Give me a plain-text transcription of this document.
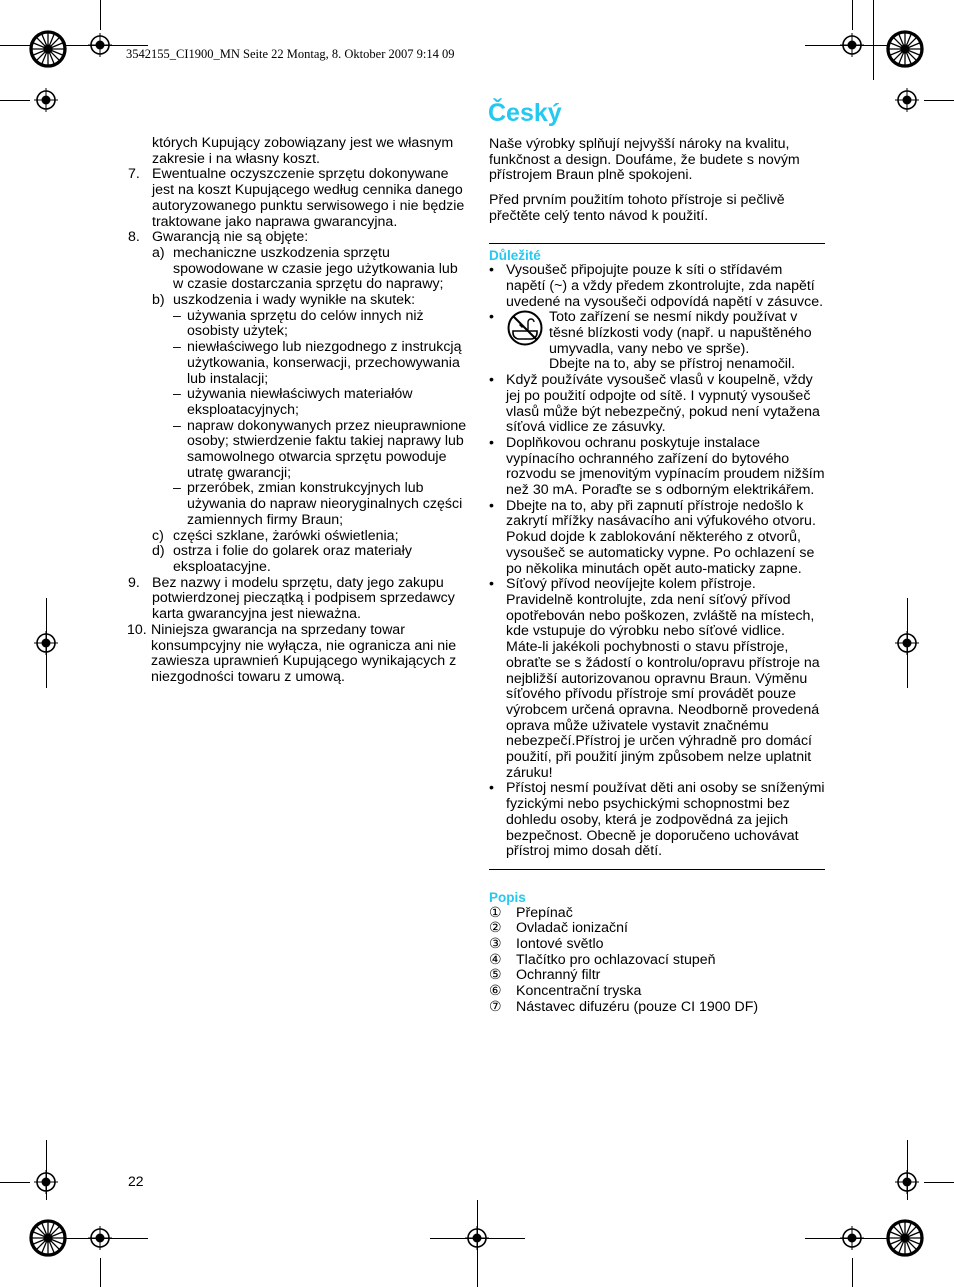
3542155_CI1900_MN Seite 22 Montag, 8. Oktober 2007 9:14 09
których Kupujący zobowiązany jest we własnym zakresie i na własny koszt.
7. Ewentualne oczyszczenie sprzętu dokonywane jest na koszt Kupującego według cennika danego autoryzowanego punktu serwisowego i nie będzie traktowane jako naprawa gwarancyjna.
8. Gwarancją nie są objęte:
a) mechaniczne uszkodzenia sprzętu spowodowane w czasie jego użytkowania lub w czasie dostarczania sprzętu do naprawy;
b) uszkodzenia i wady wynikłe na skutek:
– używania sprzętu do celów innych niż osobisty użytek;
– niewłaściwego lub niezgodnego z instrukcją użytkowania, konserwacji, przechowywania lub instalacji;
– używania niewłaściwych materiałów eksploatacyjnych;
– napraw dokonywanych przez nieuprawnione osoby; stwierdzenie faktu takiej naprawy lub samowolnego otwarcia sprzętu powoduje utratę gwarancji;
– przeróbek, zmian konstrukcyjnych lub używania do napraw nieoryginalnych części zamiennych firmy Braun;
c) części szklane, żarówki oświetlenia;
d) ostrza i folie do golarek oraz materiały eksploatacyjne.
9. Bez nazwy i modelu sprzętu, daty jego zakupu potwierdzonej pieczątką i podpisem sprzedawcy karta gwarancyjna jest nieważna.
10. Niniejsza gwarancja na sprzedany towar konsumpcyjny nie wyłącza, nie ogranicza ani nie zawiesza uprawnień Kupującego wynikających z niezgodności towaru z umową.
Český

Naše výrobky splňují nejvyšší nároky na kvalitu, funkčnost a design. Doufáme, že budete s novým přístrojem Braun plně spokojeni.

Před prvním použitím tohoto přístroje si pečlivě přečtěte celý tento návod k použití.

Důležité
• Vysoušeč připojujte pouze k síti o střídavém napětí (~) a vždy předem zkontrolujte, zda napětí uvedené na vysoušeči odpovídá napětí v zásuvce.
•	Toto zařízení se nesmí nikdy používat v těsné blízkosti vody (např. u napuštěného umyvadla, vany nebo ve sprše).
Dbejte na to, aby se přístroj nenamočil.
• Když používáte vysoušeč vlasů v koupelně, vždy jej po použití odpojte od sítě. I vypnutý vysoušeč vlasů může být nebezpečný, pokud není vytažena síťová vidlice ze zásuvky.
• Doplňkovou ochranu poskytuje instalace vypínacího ochranného zařízení do bytového rozvodu se jmenovitým vypínacím proudem nižším než 30 mA. Poraďte se s odborným elektrikářem.
• Dbejte na to, aby při zapnutí přístroje nedošlo k zakrytí mřížky nasávacího ani výfukového otvoru. Pokud dojde k zablokování některého z otvorů, vysoušeč se automaticky vypne. Po ochlazení se po několika minutách opět auto-maticky zapne.
• Síťový přívod neovíjejte kolem přístroje. Pravidelně kontrolujte, zda není síťový přívod opotřebován nebo poškozen, zvláště na místech, kde vstupuje do výrobku nebo síťové vidlice. Máte-li jakékoli pochybnosti o stavu přístroje, obraťte se s žádostí o kontrolu/opravu přístroje na nejbližší autorizovanou opravnu Braun. Výměnu síťového přívodu přístroje smí provádět pouze výrobcem určená opravna. Neodborně provedená oprava může uživatele vystavit značnému nebezpečí.Přístroj je určen výhradně pro domácí použití, při použití jiným způsobem nelze uplatnit záruku!
• Přístoj nesmí používat děti ani osoby se sníženými fyzickými nebo psychickými schopnostmi bez dohledu osoby, která je zodpovědná za jejich bezpečnost. Obecně je doporučeno uchovávat přístroj mimo dosah dětí.
Popis
①	Přepínač
②	Ovladač ionizační
③	Iontové světlo
④	Tlačítko pro ochlazovací stupeň
⑤	Ochranný filtr
⑥	Koncentrační tryska
⑦	Nástavec difuzéru (pouze CI 1900 DF)
22
